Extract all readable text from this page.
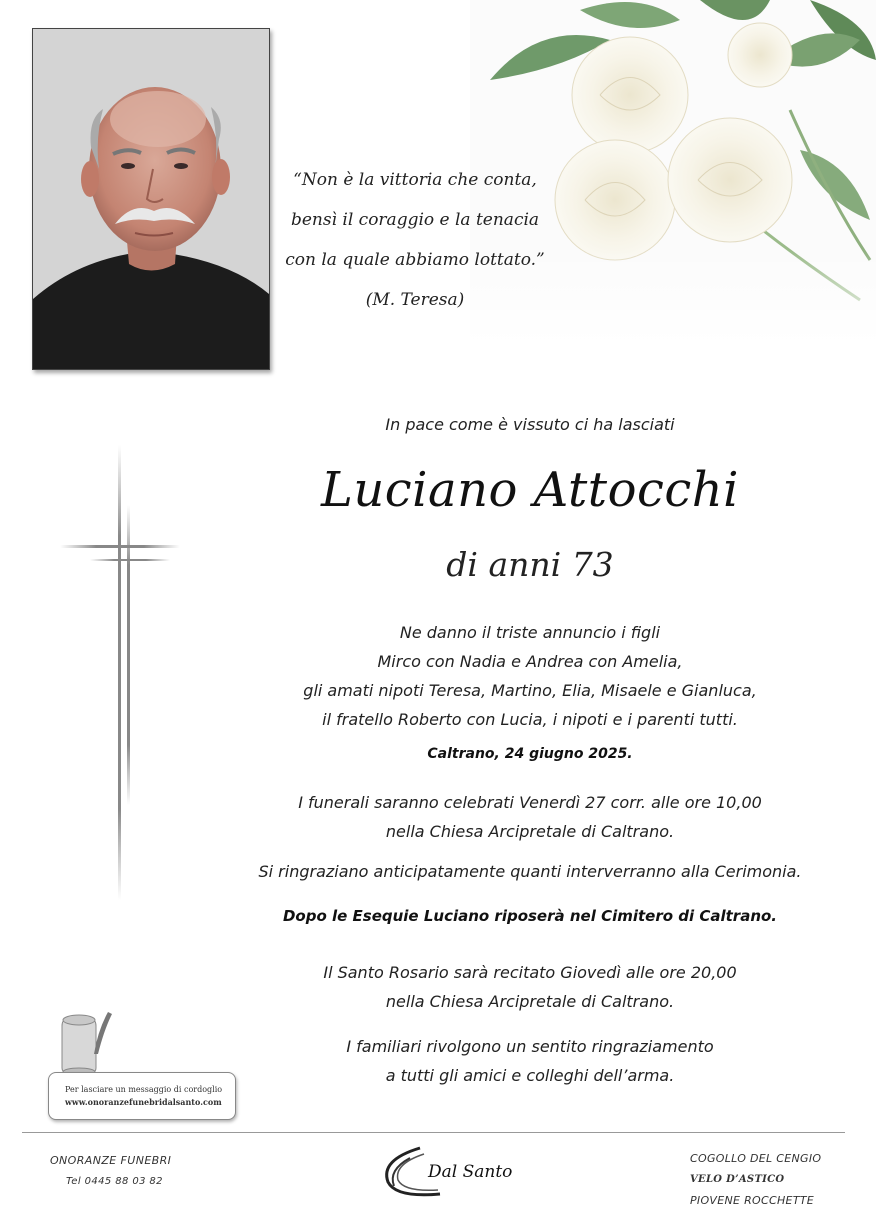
“Non è la vittoria che conta,
bensì il coraggio e la tenacia
con la quale abbiamo lottato.”
(M. Teresa)
In pace come è vissuto ci ha lasciati
Luciano Attocchi
di anni 73
Ne danno il triste annuncio i figli
Mirco con Nadia e Andrea con Amelia,
gli amati nipoti Teresa, Martino, Elia, Misaele e Gianluca,
il fratello Roberto con Lucia, i nipoti e i parenti tutti.
Caltrano, 24 giugno 2025.
I funerali saranno celebrati Venerdì 27 corr. alle ore 10,00
nella Chiesa Arcipretale di Caltrano.
Si ringraziano anticipatamente quanti interverranno alla Cerimonia.
Dopo le Esequie Luciano riposerà nel Cimitero di Caltrano.
Il Santo Rosario sarà recitato Giovedì alle ore 20,00
nella Chiesa Arcipretale di Caltrano.
I familiari rivolgono un sentito ringraziamento
a tutti gli amici e colleghi dell’arma.
Per lasciare un messaggio di cordoglio
www.onoranzefunebridalsanto.com
ONORANZE FUNEBRI
Tel 0445 88 03 82	Dal Santo
COGOLLO DEL CENGIO
VELO D’ASTICO
PIOVENE ROCCHETTE
